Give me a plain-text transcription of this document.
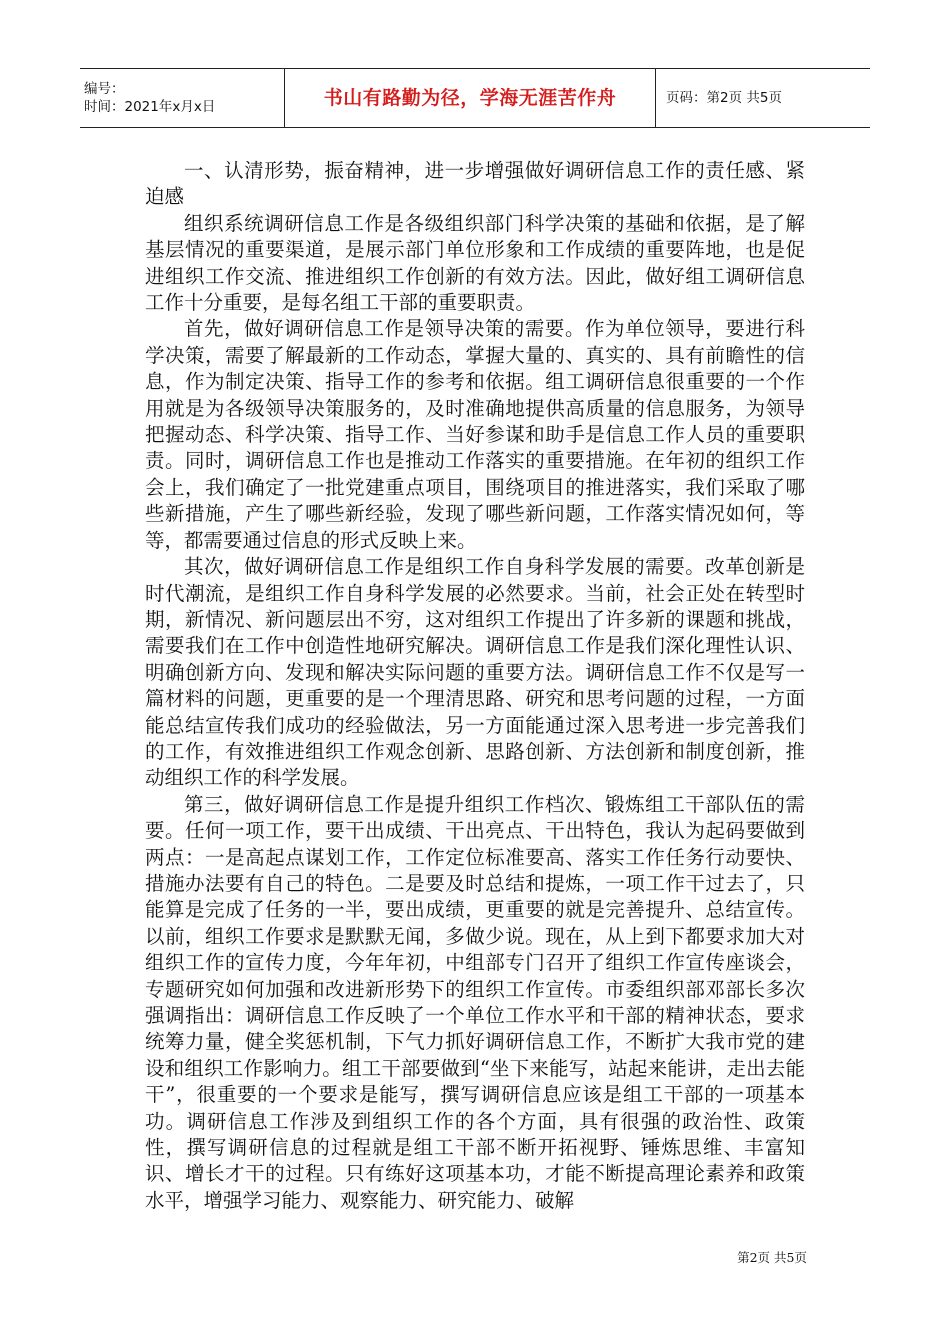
编号：
时间：2021年x月x日	书山有路勤为径，学海无涯苦作舟	页码：第2页 共5页

一、认清形势，振奋精神，进一步增强做好调研信息工作的责任感、紧迫感

组织系统调研信息工作是各级组织部门科学决策的基础和依据，是了解基层情况的重要渠道，是展示部门单位形象和工作成绩的重要阵地，也是促进组织工作交流、推进组织工作创新的有效方法。因此，做好组工调研信息工作十分重要，是每名组工干部的重要职责。

首先，做好调研信息工作是领导决策的需要。作为单位领导，要进行科学决策，需要了解最新的工作动态，掌握大量的、真实的、具有前瞻性的信息，作为制定决策、指导工作的参考和依据。组工调研信息很重要的一个作用就是为各级领导决策服务的，及时准确地提供高质量的信息服务，为领导把握动态、科学决策、指导工作、当好参谋和助手是信息工作人员的重要职责。同时，调研信息工作也是推动工作落实的重要措施。在年初的组织工作会上，我们确定了一批党建重点项目，围绕项目的推进落实，我们采取了哪些新措施，产生了哪些新经验，发现了哪些新问题，工作落实情况如何，等等，都需要通过信息的形式反映上来。

其次，做好调研信息工作是组织工作自身科学发展的需要。改革创新是时代潮流，是组织工作自身科学发展的必然要求。当前，社会正处在转型时期，新情况、新问题层出不穷，这对组织工作提出了许多新的课题和挑战，需要我们在工作中创造性地研究解决。调研信息工作是我们深化理性认识、明确创新方向、发现和解决实际问题的重要方法。调研信息工作不仅是写一篇材料的问题，更重要的是一个理清思路、研究和思考问题的过程，一方面能总结宣传我们成功的经验做法，另一方面能通过深入思考进一步完善我们的工作，有效推进组织工作观念创新、思路创新、方法创新和制度创新，推动组织工作的科学发展。

第三，做好调研信息工作是提升组织工作档次、锻炼组工干部队伍的需要。任何一项工作，要干出成绩、干出亮点、干出特色，我认为起码要做到两点：一是高起点谋划工作，工作定位标准要高、落实工作任务行动要快、措施办法要有自己的特色。二是要及时总结和提炼，一项工作干过去了，只能算是完成了任务的一半，要出成绩，更重要的就是完善提升、总结宣传。以前，组织工作要求是默默无闻，多做少说。现在，从上到下都要求加大对组织工作的宣传力度，今年年初，中组部专门召开了组织工作宣传座谈会，专题研究如何加强和改进新形势下的组织工作宣传。市委组织部邓部长多次强调指出：调研信息工作反映了一个单位工作水平和干部的精神状态，要求统筹力量，健全奖惩机制，下气力抓好调研信息工作，不断扩大我市党的建设和组织工作影响力。组工干部要做到“坐下来能写，站起来能讲，走出去能干”，很重要的一个要求是能写，撰写调研信息应该是组工干部的一项基本功。调研信息工作涉及到组织工作的各个方面，具有很强的政治性、政策性，撰写调研信息的过程就是组工干部不断开拓视野、锤炼思维、丰富知识、增长才干的过程。只有练好这项基本功，才能不断提高理论素养和政策水平，增强学习能力、观察能力、研究能力、破解

第2页 共5页
